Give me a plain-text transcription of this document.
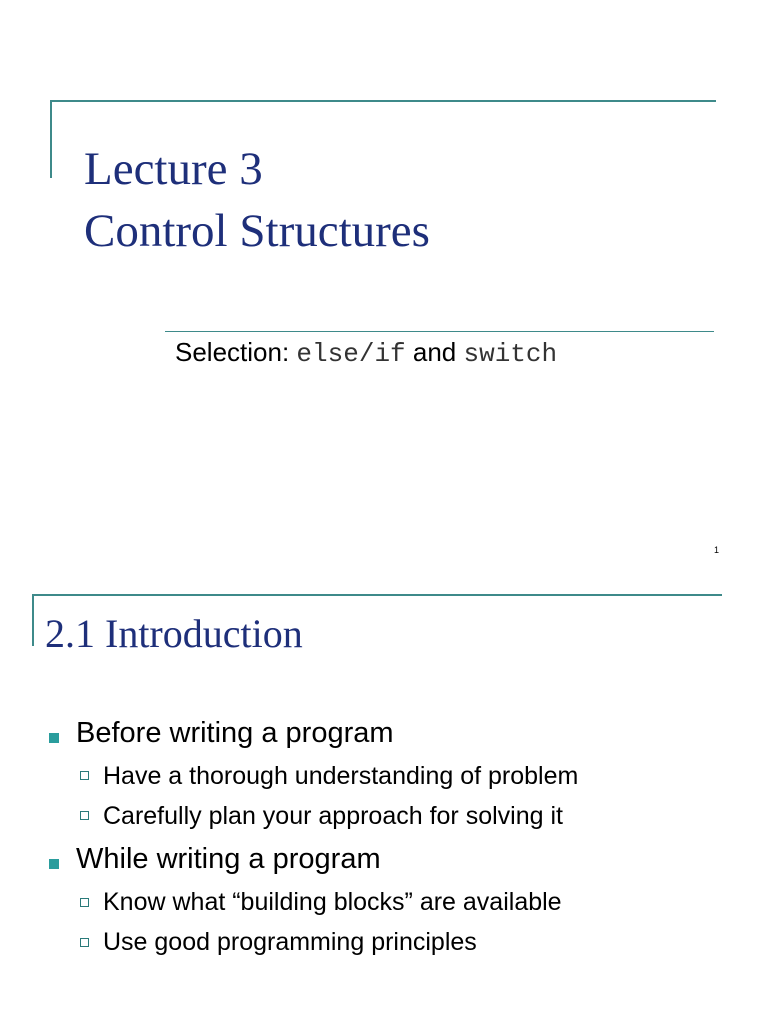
Lecture 3
Control Structures
Selection: else/if and switch
1
2.1 Introduction
Before writing a program
Have a thorough understanding of problem
Carefully plan your approach for solving it
While writing a program
Know what “building blocks” are available
Use good programming principles
